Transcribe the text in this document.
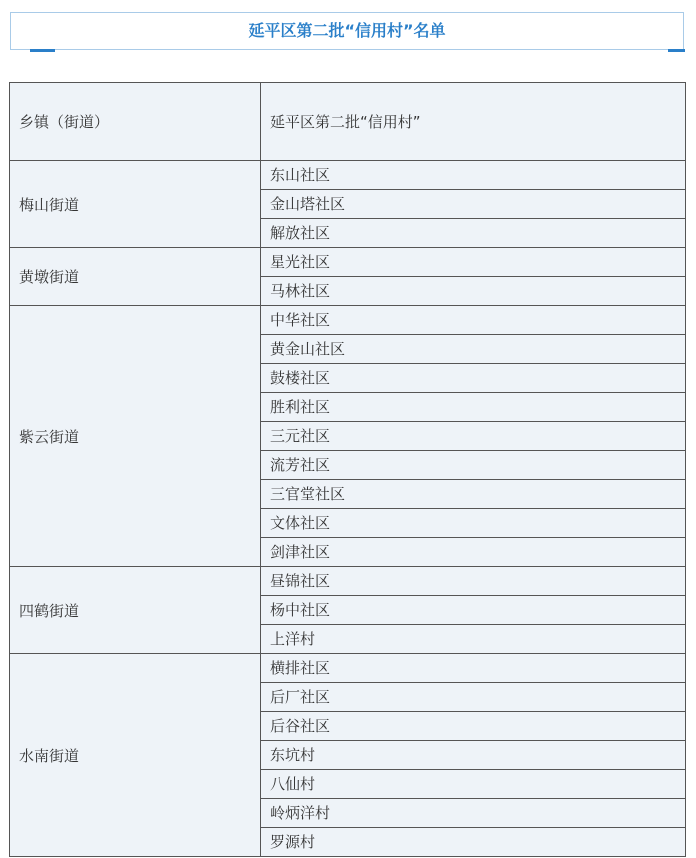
延平区第二批“信用村”名单
乡镇（街道）	延平区第二批“信用村”
梅山街道	东山社区
	金山塔社区
	解放社区
黄墩街道	星光社区
	马林社区
紫云街道	中华社区
	黄金山社区
	鼓楼社区
	胜利社区
	三元社区
	流芳社区
	三官堂社区
	文体社区
	剑津社区
四鹤街道	昼锦社区
	杨中社区
	上洋村
水南街道	横排社区
	后厂社区
	后谷社区
	东坑村
	八仙村
	岭炳洋村
	罗源村
